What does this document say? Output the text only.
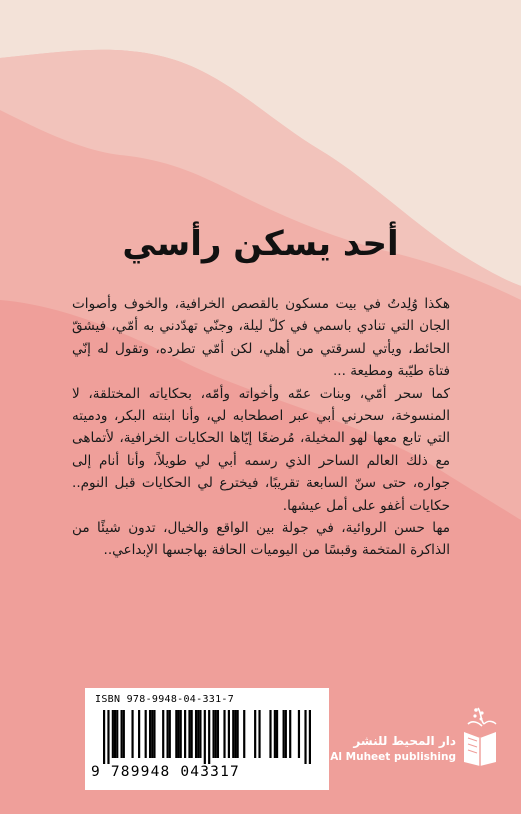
أحد يسكن رأسي

هكذا وُلِدتُ في بيت مسكون بالقصص الخرافية، والخوف وأصوات الجان التي تنادي باسمي في كلّ ليلة، وجنّي تهدّدني به أمّي، فيشقّ الحائط، ويأتي لسرقتي من أهلي، لكن أمّي تطرده، وتقول له إنّي فتاة طيّبة ومطيعة ...

كما سحر أمّي، وبنات عمّه وأخواته وأمّه، بحكاياته المختلقة، لا المنسوخة، سحرني أبي عبر اصطحابه لي، وأنا ابنته البكر، ودميته التي تابع معها لهو المخيلة، مُرضعًا إيّاها الحكايات الخرافية، لأتماهى مع ذلك العالم الساحر الذي رسمه أبي لي طويلاً، وأنا أنام إلى جواره، حتى سنّ السابعة تقريبًا، فيخترع لي الحكايات قبل النوم.. حكايات أغفو على أمل عيشها.

مها حسن الروائية، في جولة بين الواقع والخيال، تدون شيئًا من الذاكرة المتخمة وقبسًا من اليوميات الحافة بهاجسها الإبداعي..

ISBN 978-9948-04-331-7
9 789948 043317
دار المحيط للنشر
Al Muheet publishing
